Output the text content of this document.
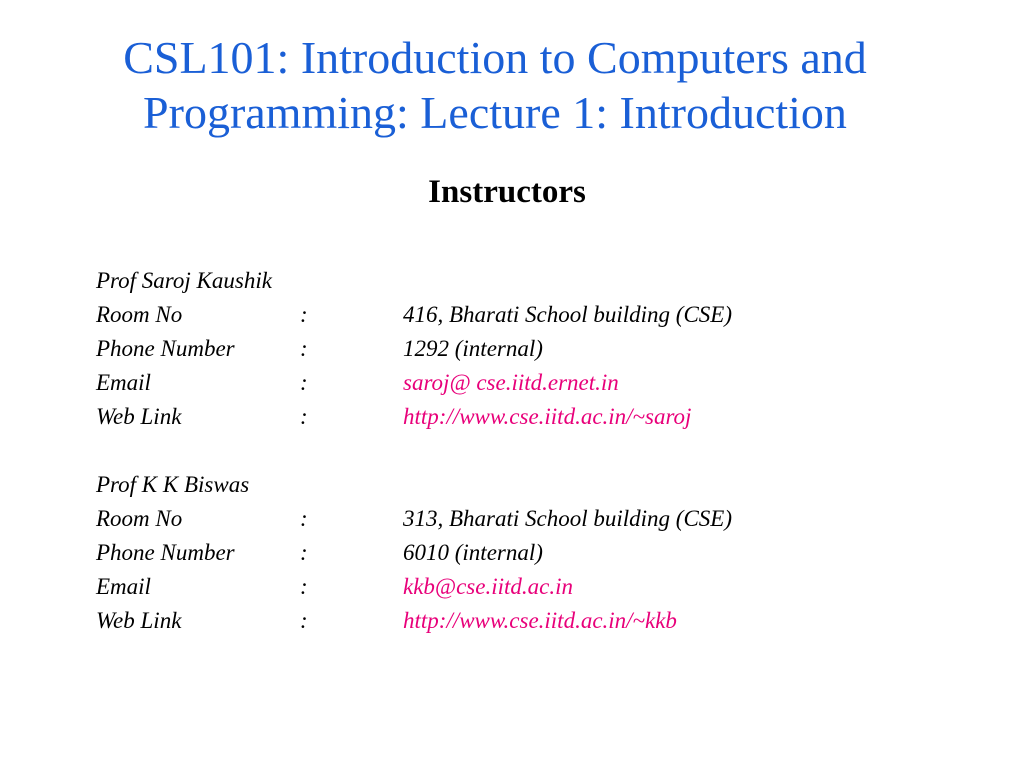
CSL101: Introduction to Computers and
Programming: Lecture 1: Introduction
Instructors
Prof Saroj Kaushik
Room No	:	416, Bharati School building (CSE)
Phone Number	:	1292 (internal)
Email	:	saroj@ cse.iitd.ernet.in
Web Link	:	http://www.cse.iitd.ac.in/~saroj
Prof K K Biswas
Room No	:	313, Bharati School building (CSE)
Phone Number	:	6010 (internal)
Email	:	kkb@cse.iitd.ac.in
Web Link	:	http://www.cse.iitd.ac.in/~kkb
